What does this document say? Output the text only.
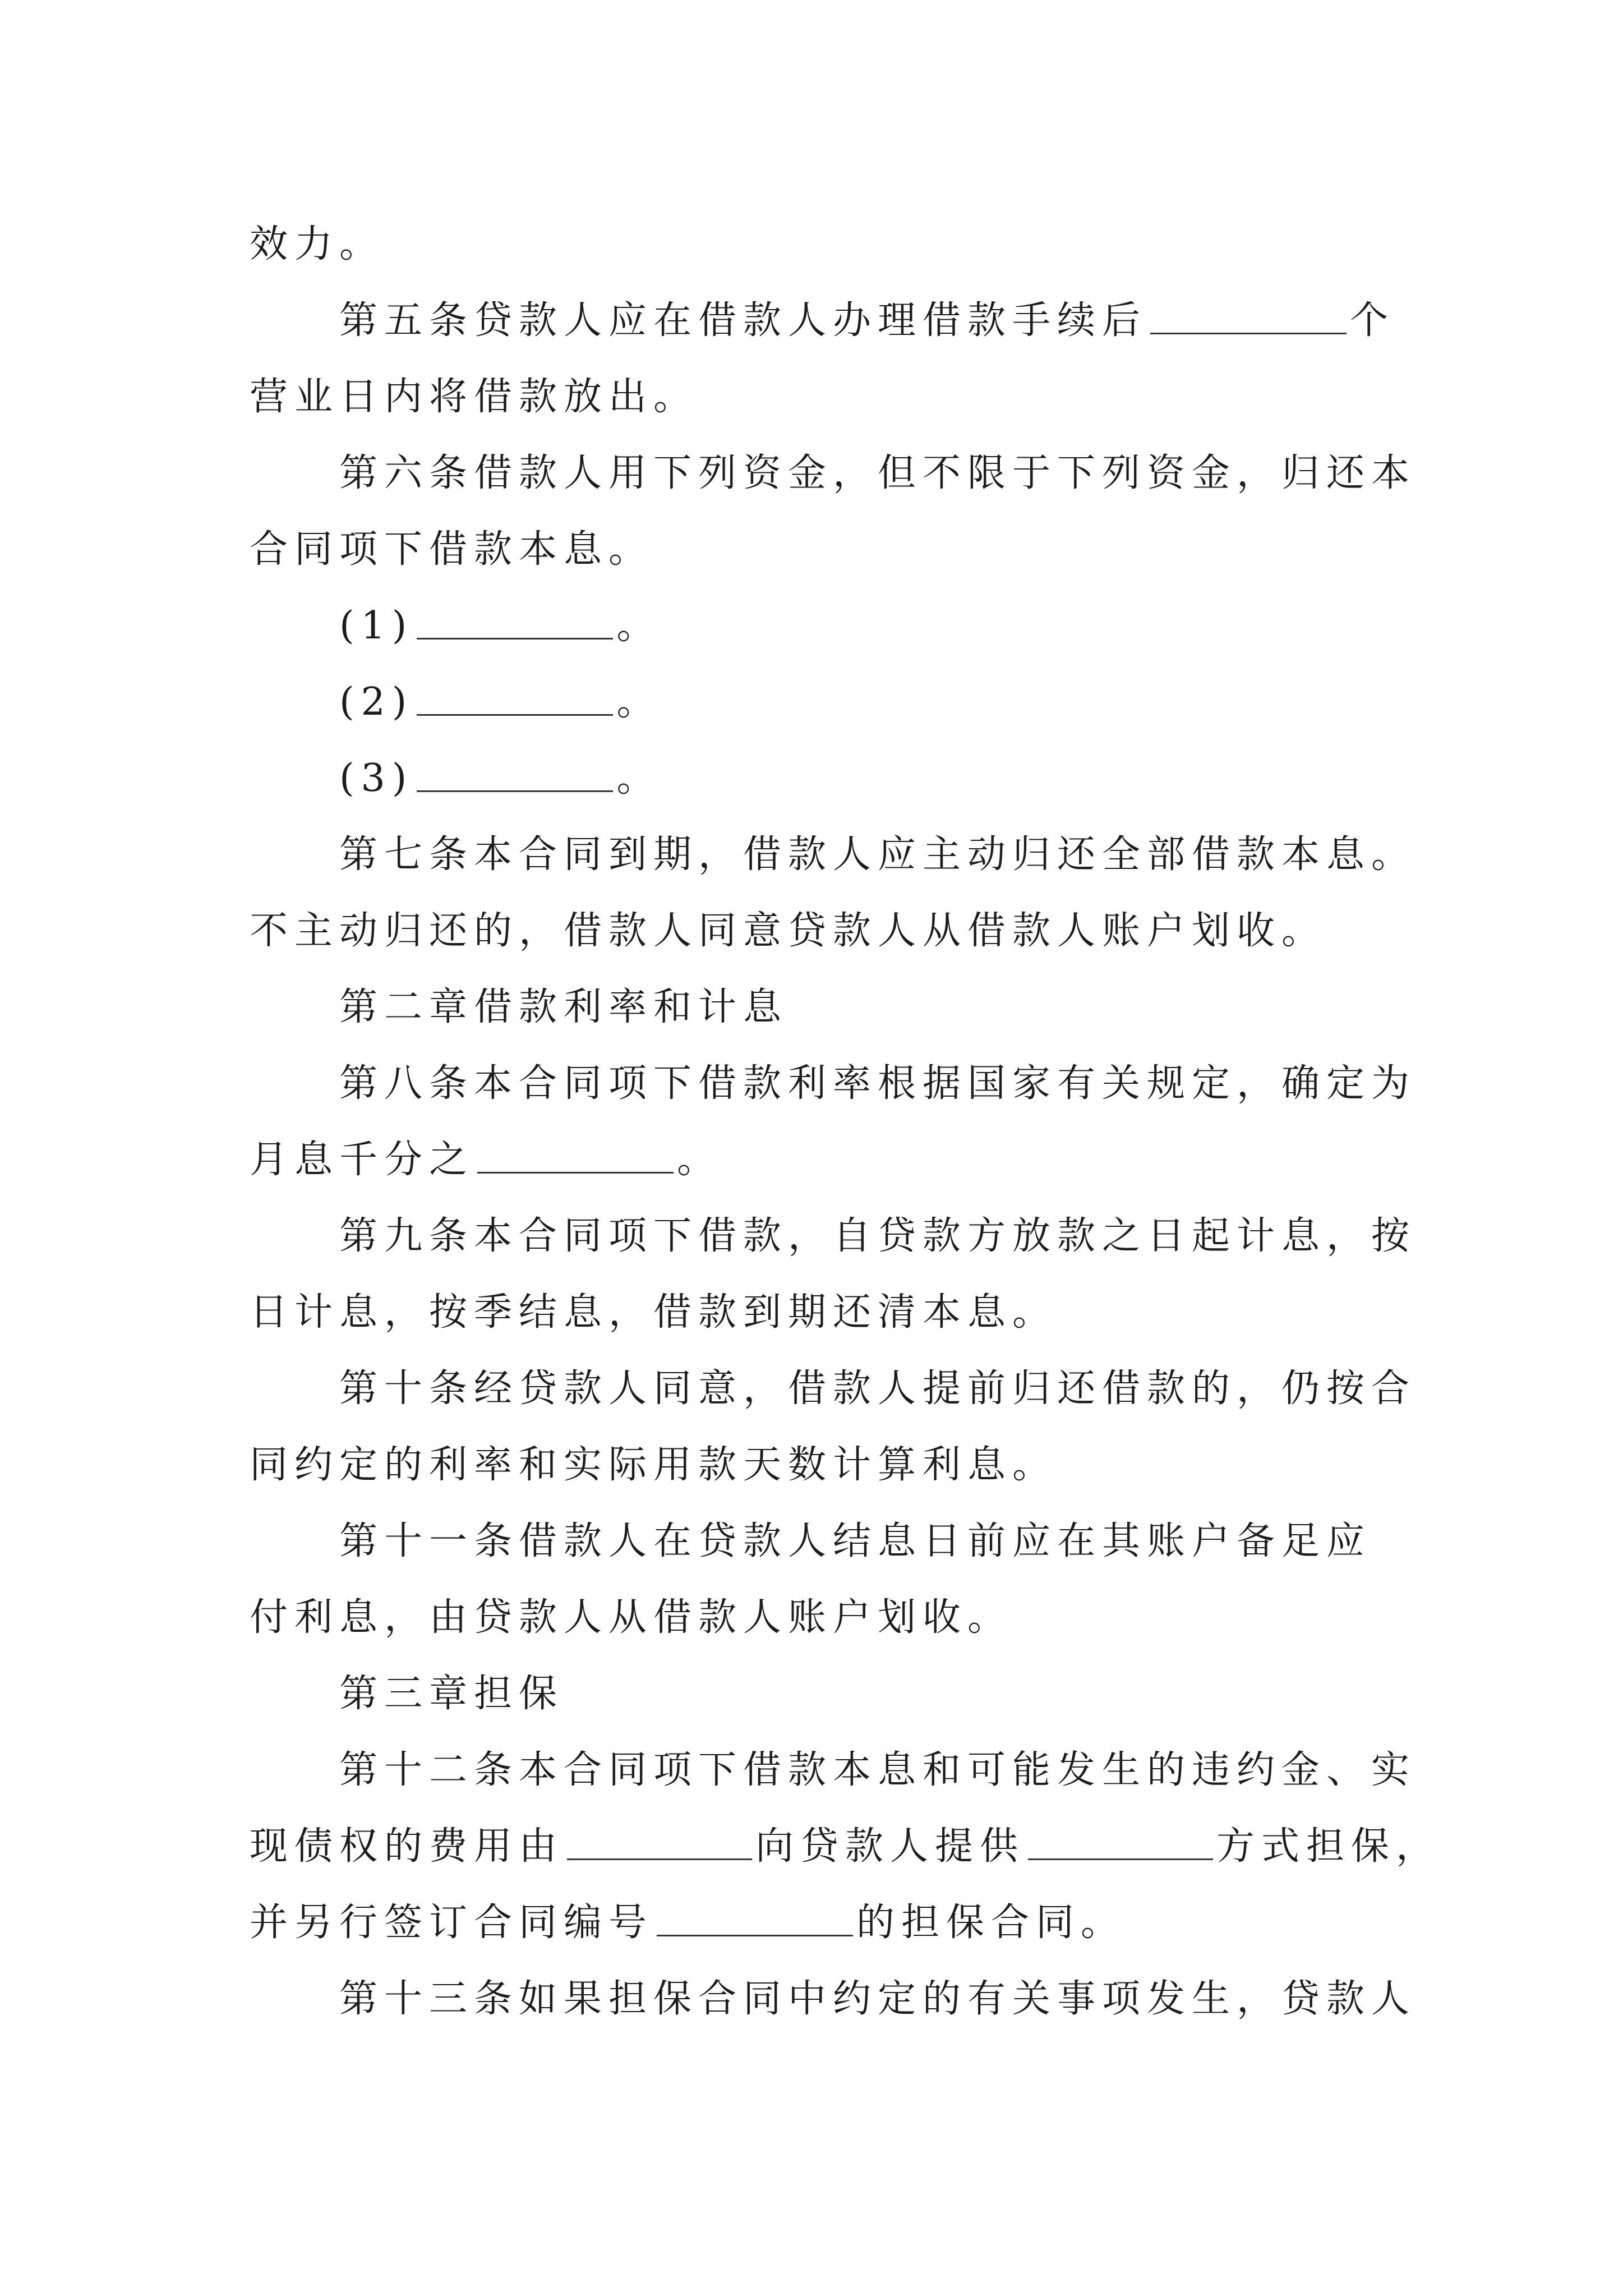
效力。
第五条贷款人应在借款人办理借款手续后	个
营业日内将借款放出。
第六条借款人用下列资金，但不限于下列资金，归还本
合同项下借款本息。
(1)	。
(2)	。
(3)	。
第七条本合同到期，借款人应主动归还全部借款本息。
不主动归还的，借款人同意贷款人从借款人账户划收。
第二章借款利率和计息
第八条本合同项下借款利率根据国家有关规定，确定为
月息千分之	。
第九条本合同项下借款，自贷款方放款之日起计息，按
日计息，按季结息，借款到期还清本息。
第十条经贷款人同意，借款人提前归还借款的，仍按合
同约定的利率和实际用款天数计算利息。
第十一条借款人在贷款人结息日前应在其账户备足应
付利息，由贷款人从借款人账户划收。
第三章担保
第十二条本合同项下借款本息和可能发生的违约金、实
现债权的费用由	向贷款人提供	方式担保，
并另行签订合同编号	的担保合同。
第十三条如果担保合同中约定的有关事项发生，贷款人
